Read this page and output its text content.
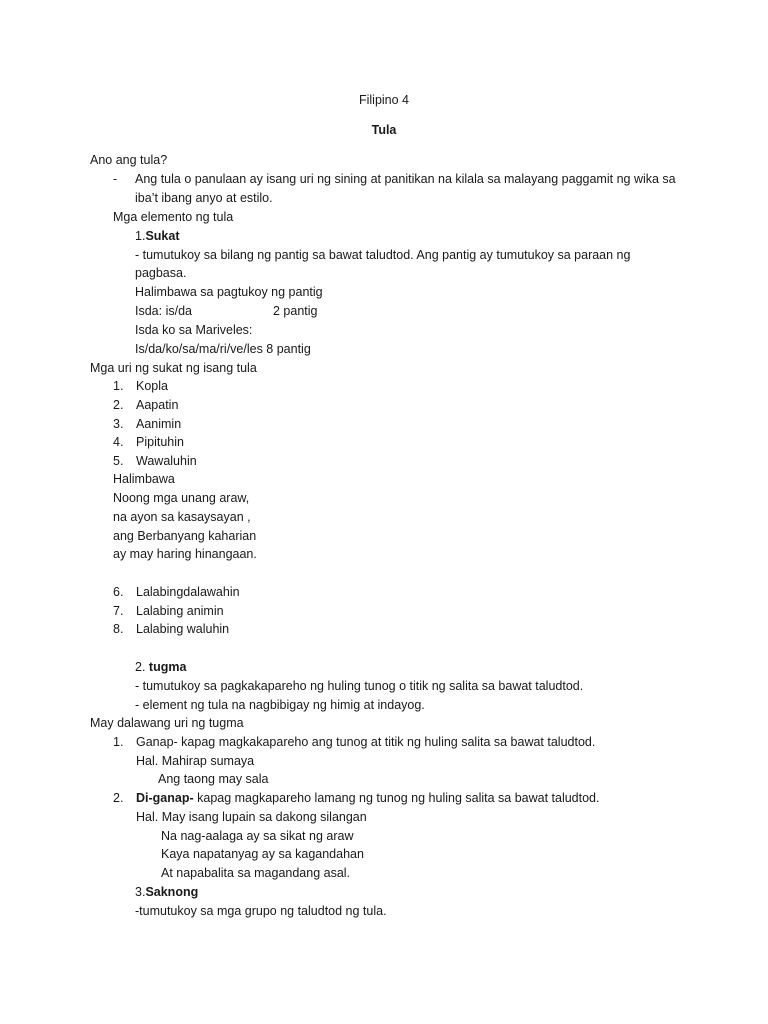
Filipino 4
Tula
Ano ang tula?
- Ang tula o panulaan ay isang uri ng sining at panitikan na kilala sa malayang paggamit ng wika sa
iba’t ibang anyo at estilo.
Mga elemento ng tula
1.Sukat
- tumutukoy sa bilang ng pantig sa bawat taludtod. Ang pantig ay tumutukoy sa paraan ng
pagbasa.
Halimbawa sa pagtukoy ng pantig
Isda: is/da	2 pantig
Isda ko sa Mariveles:
Is/da/ko/sa/ma/ri/ve/les 8 pantig
Mga uri ng sukat ng isang tula
1. Kopla
2. Aapatin
3. Aanimin
4. Pipituhin
5. Wawaluhin
Halimbawa
Noong mga unang araw,
na ayon sa kasaysayan ,
ang Berbanyang kaharian
ay may haring hinangaan.
6. Lalabingdalawahin
7. Lalabing animin
8. Lalabing waluhin
2. tugma
- tumutukoy sa pagkakapareho ng huling tunog o titik ng salita sa bawat taludtod.
- element ng tula na nagbibigay ng himig at indayog.
May dalawang uri ng tugma
1. Ganap- kapag magkakapareho ang tunog at titik ng huling salita sa bawat taludtod.
Hal. Mahirap sumaya
Ang taong may sala
2. Di-ganap- kapag magkapareho lamang ng tunog ng huling salita sa bawat taludtod.
Hal. May isang lupain sa dakong silangan
Na nag-aalaga ay sa sikat ng araw
Kaya napatanyag ay sa kagandahan
At napabalita sa magandang asal.
3.Saknong
-tumutukoy sa mga grupo ng taludtod ng tula.
